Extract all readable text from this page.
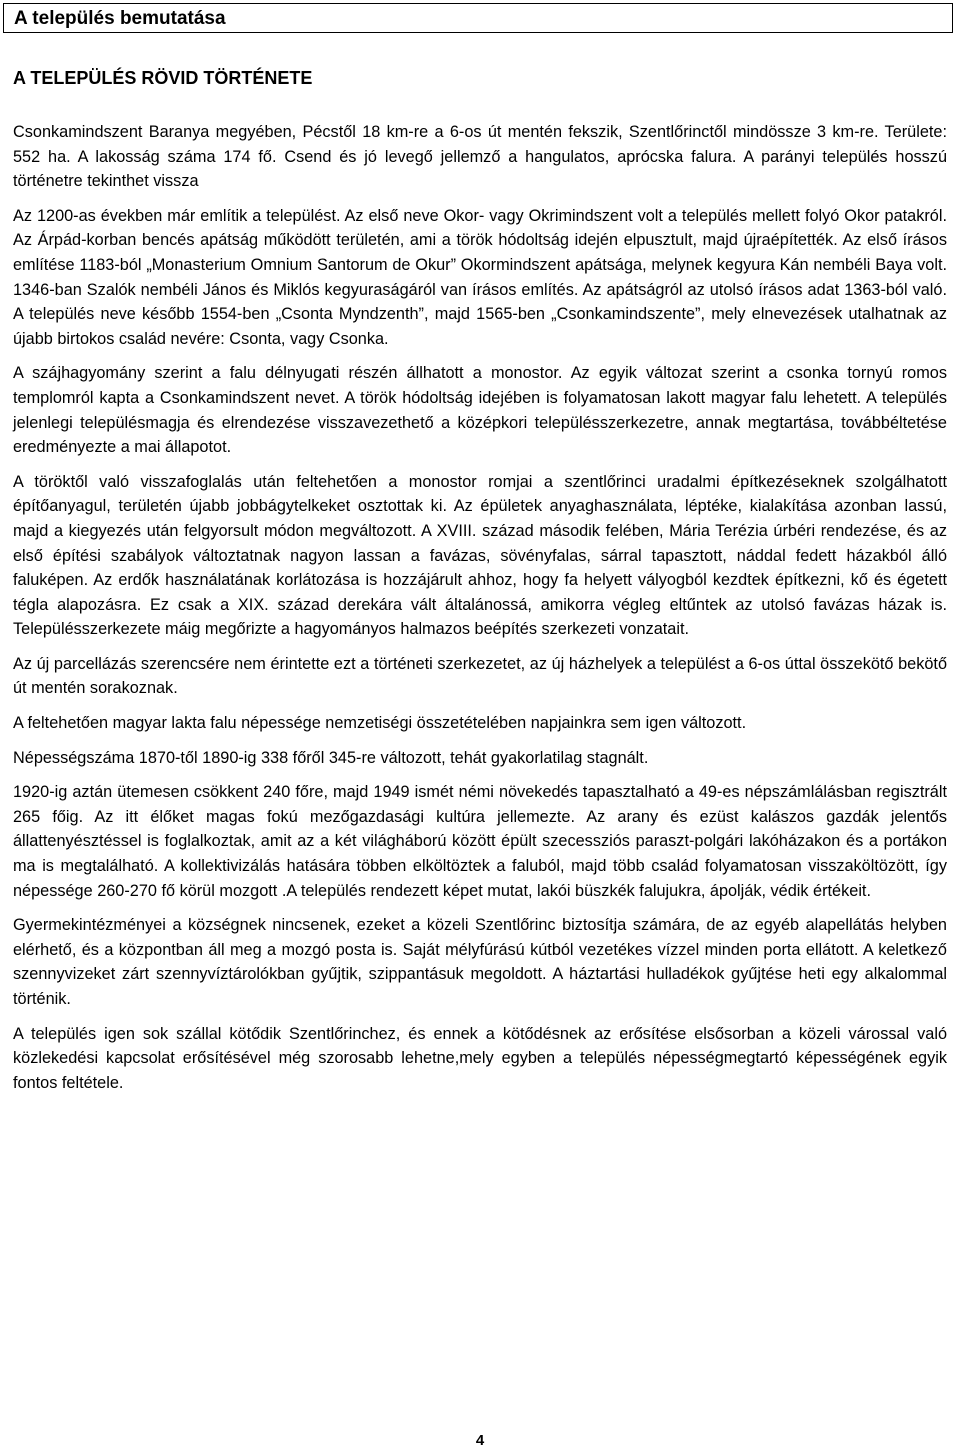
A település bemutatása
A TELEPÜLÉS RÖVID TÖRTÉNETE

Csonkamindszent Baranya megyében, Pécstől 18 km-re a 6-os út mentén fekszik, Szentlőrinctől mindössze 3 km-re. Területe: 552 ha. A lakosság száma 174 fő. Csend és jó levegő jellemző a hangulatos, aprócska falura. A parányi település hosszú történetre tekinthet vissza

Az 1200-as években már említik a települést. Az első neve Okor- vagy Okrimindszent volt a település mellett folyó Okor patakról. Az Árpád-korban bencés apátság működött területén, ami a török hódoltság idején elpusztult, majd újraépítették. Az első írásos említése 1183-ból „Monasterium Omnium Santorum de Okur” Okormindszent apátsága, melynek kegyura Kán nembéli Baya volt. 1346-ban Szalók nembéli János és Miklós kegyuraságáról van írásos említés. Az apátságról az utolsó írásos adat 1363-ból való. A település neve később 1554-ben „Csonta Myndzenth”, majd 1565-ben „Csonkamindszente”, mely elnevezések utalhatnak az újabb birtokos család nevére: Csonta, vagy Csonka.

A szájhagyomány szerint a falu délnyugati részén állhatott a monostor. Az egyik változat szerint a csonka tornyú romos templomról kapta a Csonkamindszent nevet. A török hódoltság idejében is folyamatosan lakott magyar falu lehetett. A település jelenlegi településmagja és elrendezése visszavezethető a középkori településszerkezetre, annak megtartása, továbbéltetése eredményezte a mai állapotot.

A töröktől való visszafoglalás után feltehetően a monostor romjai a szentlőrinci uradalmi építkezéseknek szolgálhatott építőanyagul, területén újabb jobbágytelkeket osztottak ki. Az épületek anyaghasználata, léptéke, kialakítása azonban lassú, majd a kiegyezés után felgyorsult módon megváltozott. A XVIII. század második felében, Mária Terézia úrbéri rendezése, és az első építési szabályok változtatnak nagyon lassan a favázas, sövényfalas, sárral tapasztott, náddal fedett házakból álló faluképen. Az erdők használatának korlátozása is hozzájárult ahhoz, hogy fa helyett vályogból kezdtek építkezni, kő és égetett tégla alapozásra. Ez csak a XIX. század derekára vált általánossá, amikorra végleg eltűntek az utolsó favázas házak is. Településszerkezete máig megőrizte a hagyományos halmazos beépítés szerkezeti vonzatait.

Az új parcellázás szerencsére nem érintette ezt a történeti szerkezetet, az új házhelyek a települést a 6-os úttal összekötő bekötő út mentén sorakoznak.

A feltehetően magyar lakta falu népessége nemzetiségi összetételében napjainkra sem igen változott.

Népességszáma 1870-től 1890-ig 338 főről 345-re változott, tehát gyakorlatilag stagnált.

1920-ig aztán ütemesen csökkent 240 főre, majd 1949 ismét némi növekedés tapasztalható a 49-es népszámlálásban regisztrált 265 főig. Az itt élőket magas fokú mezőgazdasági kultúra jellemezte. Az arany és ezüst kalászos gazdák jelentős állattenyésztéssel is foglalkoztak, amit az a két világháború között épült szecessziós paraszt-polgári lakóházakon és a portákon ma is megtalálható. A kollektivizálás hatására többen elköltöztek a faluból, majd több család folyamatosan visszaköltözött, így népessége 260-270 fő körül mozgott .A település rendezett képet mutat, lakói büszkék falujukra, ápolják, védik értékeit.

Gyermekintézményei a községnek nincsenek, ezeket a közeli Szentlőrinc biztosítja számára, de az egyéb alapellátás helyben elérhető, és a központban áll meg a mozgó posta is. Saját mélyfúrású kútból vezetékes vízzel minden porta ellátott. A keletkező szennyvizeket zárt szennyvíztárolókban gyűjtik, szippantásuk megoldott. A háztartási hulladékok gyűjtése heti egy alkalommal történik.

A település igen sok szállal kötődik Szentlőrinchez, és ennek a kötődésnek az erősítése elsősorban a közeli várossal való közlekedési kapcsolat erősítésével még szorosabb lehetne,mely egyben a település népességmegtartó képességének egyik fontos feltétele.

4
